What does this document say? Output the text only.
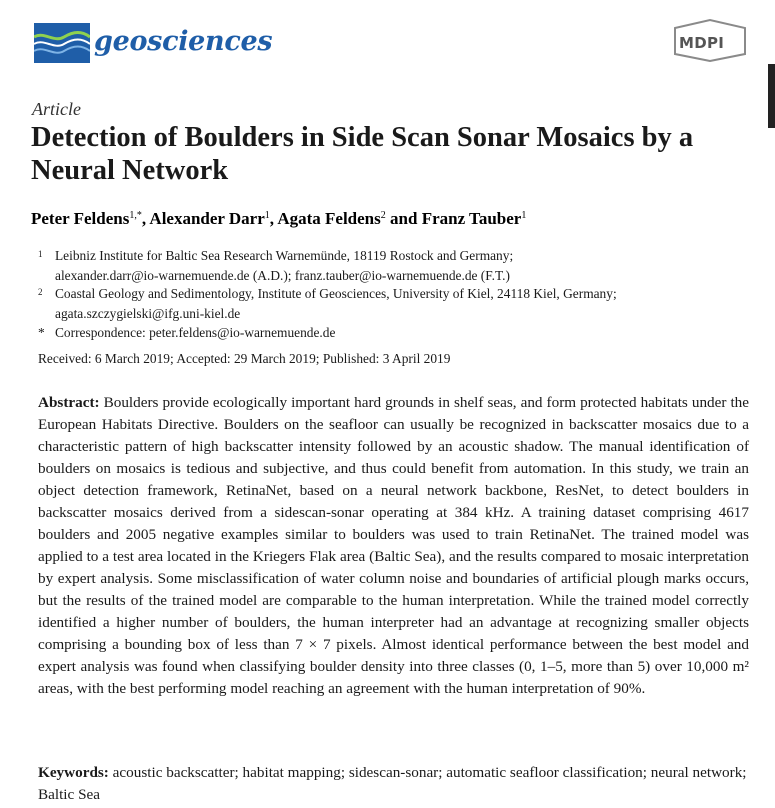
geosciences	MDPI
Article
Detection of Boulders in Side Scan Sonar Mosaics by a Neural Network
Peter Feldens$^{1,*}$, Alexander Darr$^1$, Agata Feldens$^2$ and Franz Tauber$^1$
1 Leibniz Institute for Baltic Sea Research Warnemünde, 18119 Rostock and Germany;
alexander.darr@io-warnemuende.de (A.D.); franz.tauber@io-warnemuende.de (F.T.)
2 Coastal Geology and Sedimentology, Institute of Geosciences, University of Kiel, 24118 Kiel, Germany;
agata.szczygielski@ifg.uni-kiel.de
* Correspondence: peter.feldens@io-warnemuende.de
Received: 6 March 2019; Accepted: 29 March 2019; Published: 3 April 2019

Abstract: Boulders provide ecologically important hard grounds in shelf seas, and form protected habitats under the European Habitats Directive. Boulders on the seafloor can usually be recognized in backscatter mosaics due to a characteristic pattern of high backscatter intensity followed by an acoustic shadow. The manual identification of boulders on mosaics is tedious and subjective, and thus could benefit from automation. In this study, we train an object detection framework, RetinaNet, based on a neural network backbone, ResNet, to detect boulders in backscatter mosaics derived from a sidescan-sonar operating at 384 kHz. A training dataset comprising 4617 boulders and 2005 negative examples similar to boulders was used to train RetinaNet. The trained model was applied to a test area located in the Kriegers Flak area (Baltic Sea), and the results compared to mosaic interpretation by expert analysis. Some misclassification of water column noise and boundaries of artificial plough marks occurs, but the results of the trained model are comparable to the human interpretation. While the trained model correctly identified a higher number of boulders, the human interpreter had an advantage at recognizing smaller objects comprising a bounding box of less than 7 × 7 pixels. Almost identical performance between the best model and expert analysis was found when classifying boulder density into three classes (0, 1–5, more than 5) over 10,000 m² areas, with the best performing model reaching an agreement with the human interpretation of 90%.

Keywords: acoustic backscatter; habitat mapping; sidescan-sonar; automatic seafloor classification; neural network; Baltic Sea
